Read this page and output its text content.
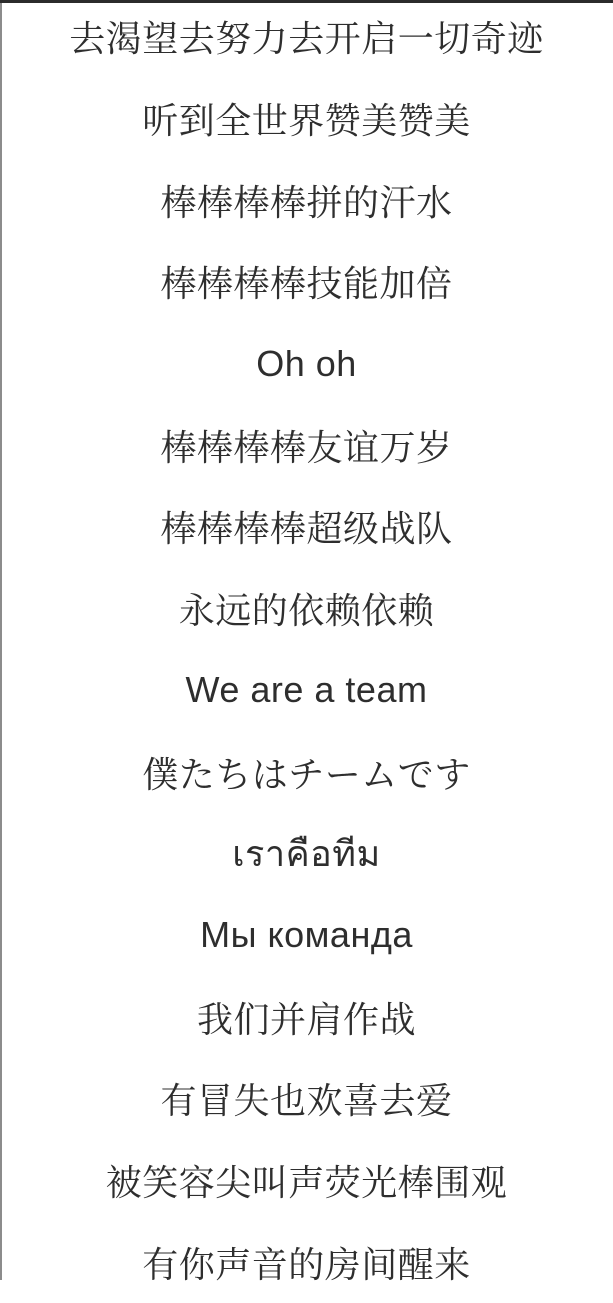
去渴望去努力去开启一切奇迹
听到全世界赞美赞美
棒棒棒棒拼的汗水
棒棒棒棒技能加倍
Oh oh
棒棒棒棒友谊万岁
棒棒棒棒超级战队
永远的依赖依赖
We are a team
僕たちはチームです
เราคือทีม
Мы команда
我们并肩作战
有冒失也欢喜去爱
被笑容尖叫声荧光棒围观
有你声音的房间醒来
